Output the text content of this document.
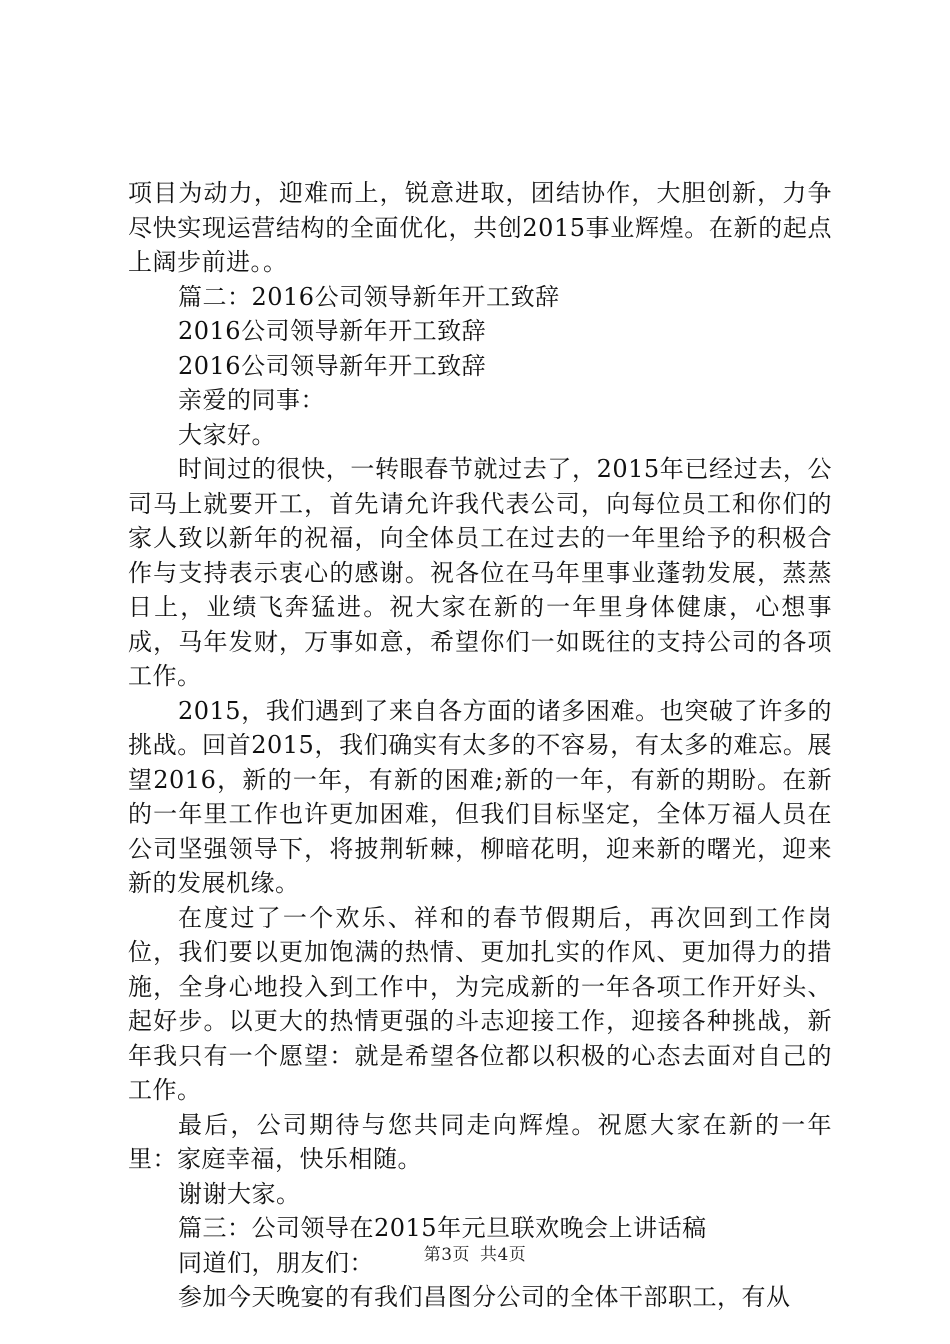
项目为动力，迎难而上，锐意进取，团结协作，大胆创新，力争尽快实现运营结构的全面优化，共创2015事业辉煌。在新的起点上阔步前进。。

篇二：2016公司领导新年开工致辞

2016公司领导新年开工致辞

2016公司领导新年开工致辞

亲爱的同事：

大家好。

时间过的很快，一转眼春节就过去了，2015年已经过去，公司马上就要开工，首先请允许我代表公司，向每位员工和你们的家人致以新年的祝福，向全体员工在过去的一年里给予的积极合作与支持表示衷心的感谢。祝各位在马年里事业蓬勃发展，蒸蒸日上，业绩飞奔猛进。祝大家在新的一年里身体健康，心想事成，马年发财，万事如意，希望你们一如既往的支持公司的各项工作。

2015，我们遇到了来自各方面的诸多困难。也突破了许多的挑战。回首2015，我们确实有太多的不容易，有太多的难忘。展望2016，新的一年，有新的困难;新的一年，有新的期盼。在新的一年里工作也许更加困难，但我们目标坚定，全体万福人员在公司坚强领导下，将披荆斩棘，柳暗花明，迎来新的曙光，迎来新的发展机缘。

在度过了一个欢乐、祥和的春节假期后，再次回到工作岗位，我们要以更加饱满的热情、更加扎实的作风、更加得力的措施，全身心地投入到工作中，为完成新的一年各项工作开好头、起好步。以更大的热情更强的斗志迎接工作，迎接各种挑战，新年我只有一个愿望：就是希望各位都以积极的心态去面对自己的工作。

最后，公司期待与您共同走向辉煌。祝愿大家在新的一年里：家庭幸福，快乐相随。

谢谢大家。

篇三：公司领导在2015年元旦联欢晚会上讲话稿

同道们，朋友们：

参加今天晚宴的有我们昌图分公司的全体干部职工，有从

第3页 共4页
